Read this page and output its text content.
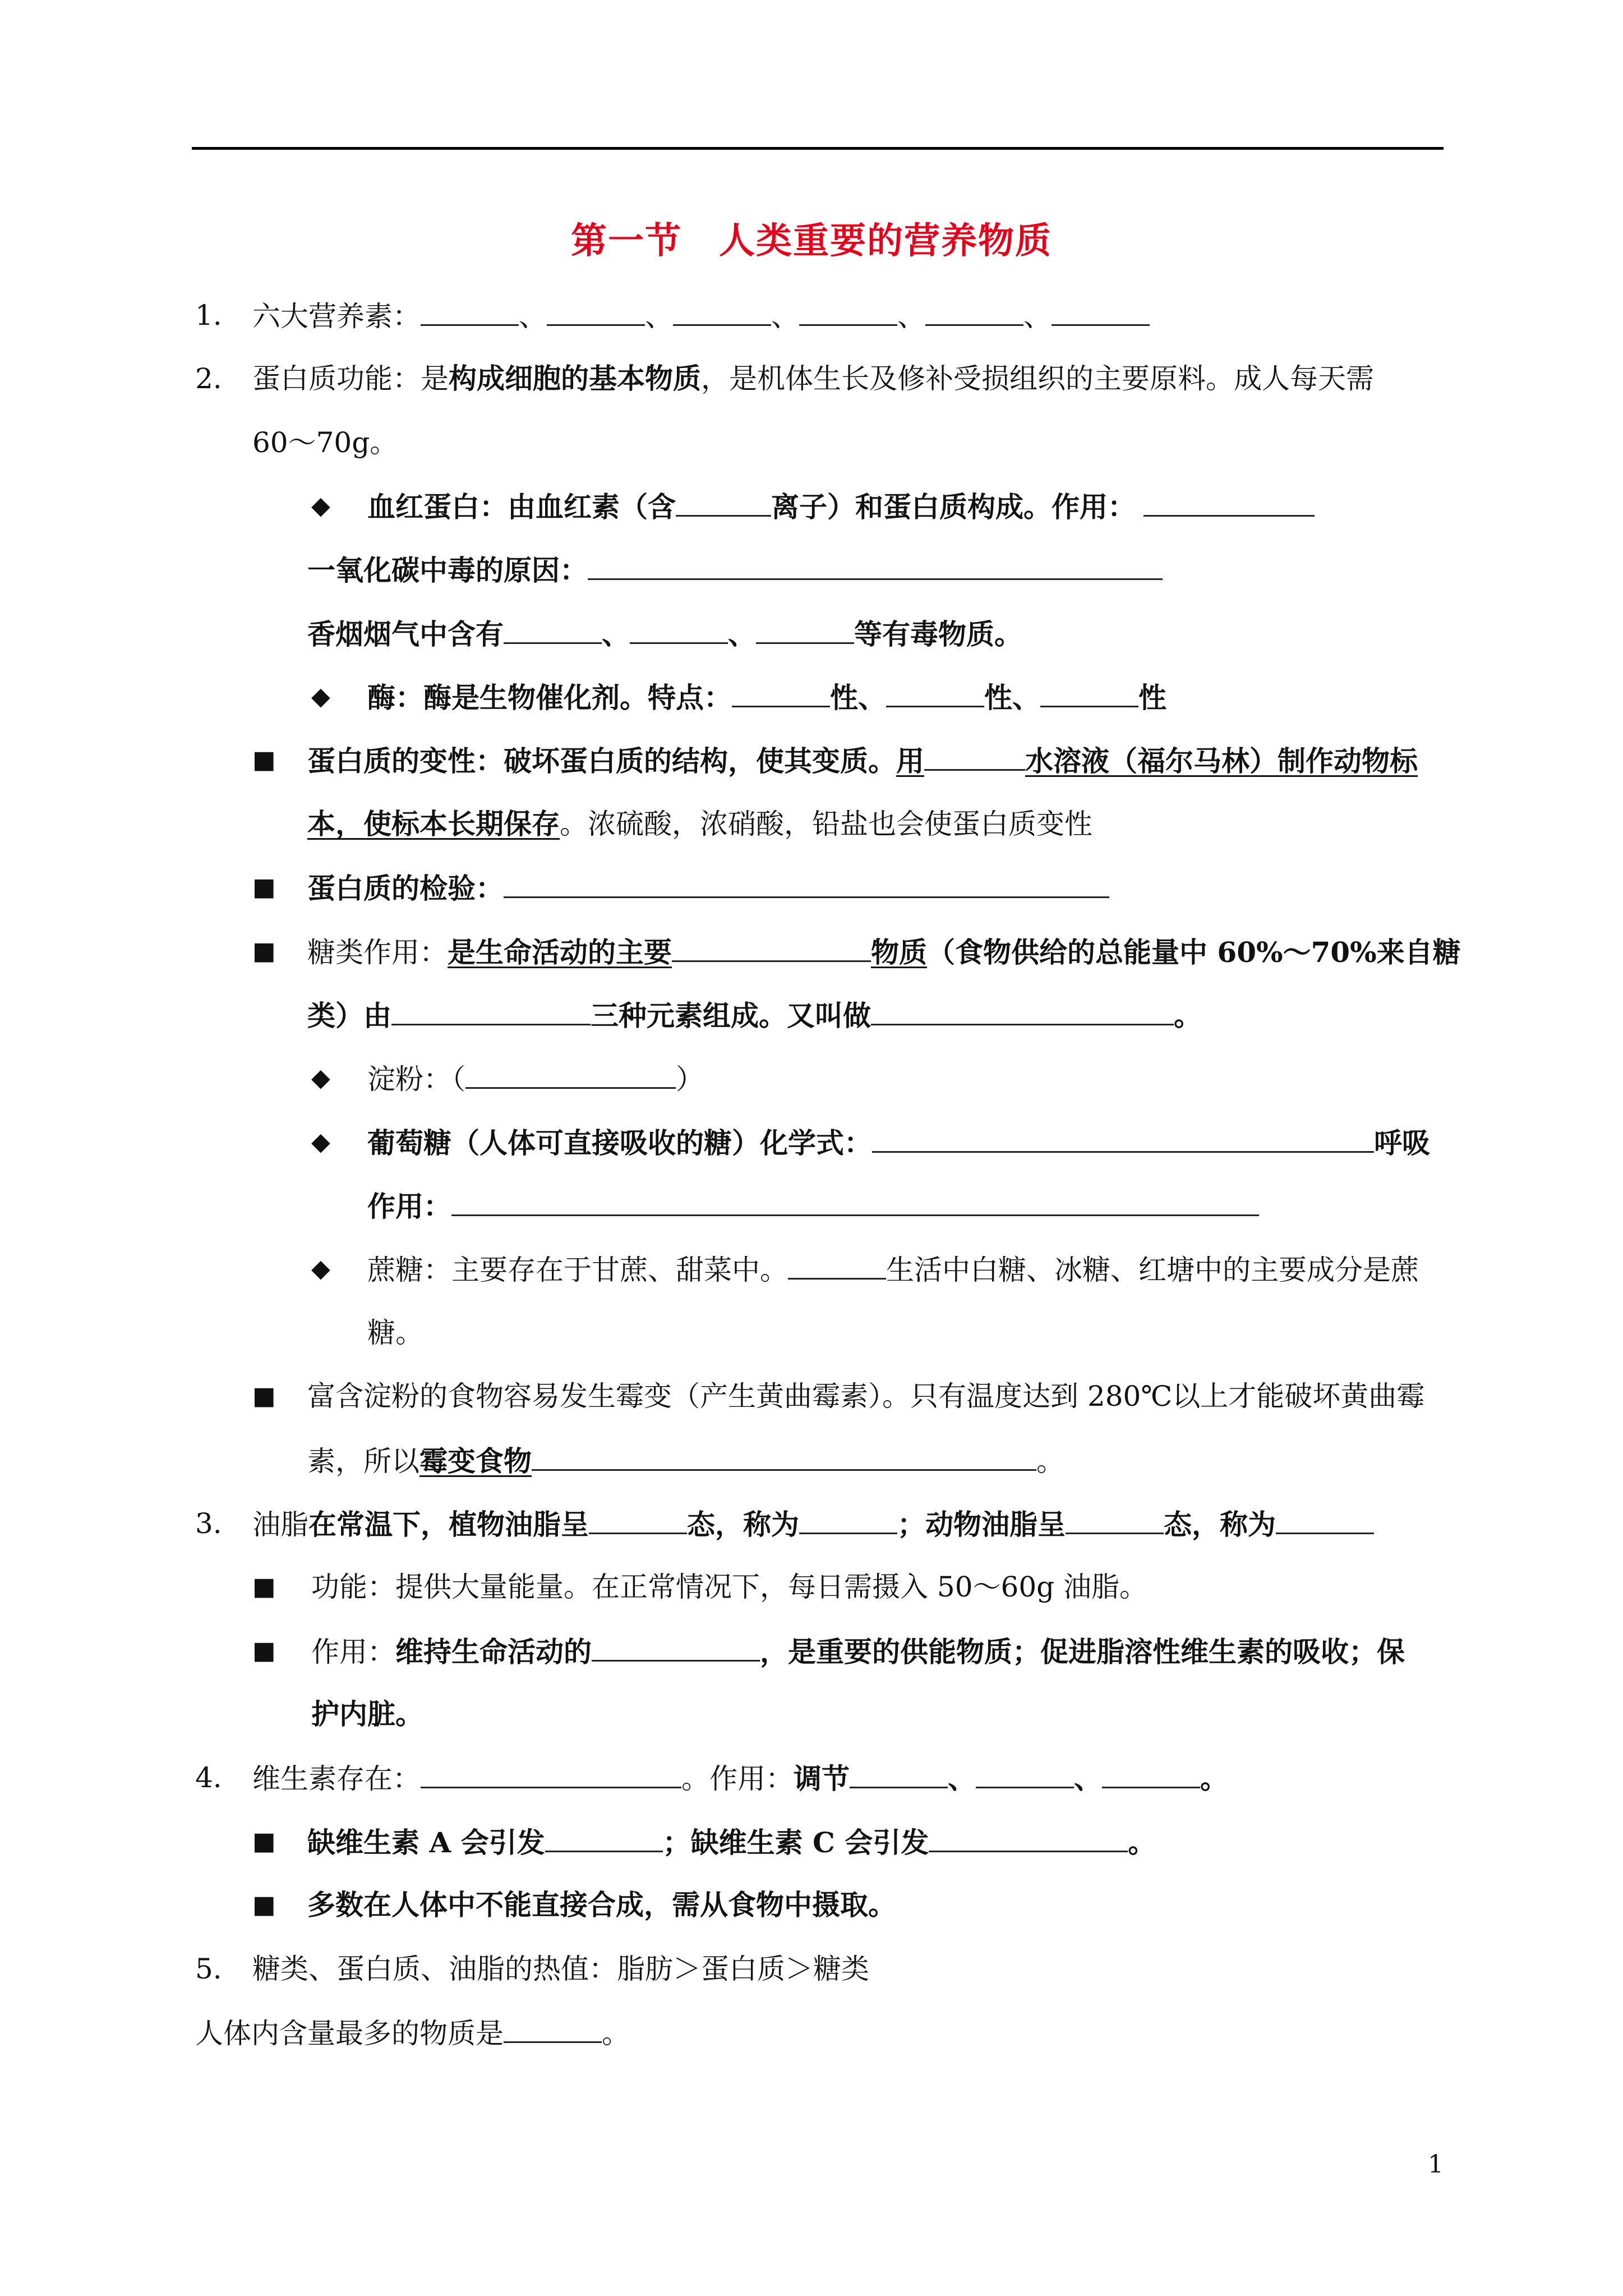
第一节　人类重要的营养物质
1. 六大营养素：	、	、	、	、	、
2. 蛋白质功能：是构成细胞的基本物质，是机体生长及修补受损组织的主要原料。成人每天需
60～70g。
◆ 血红蛋白：由血红素（含	离子）和蛋白质构成。作用：
一氧化碳中毒的原因：
香烟烟气中含有	、	、	等有毒物质。
◆ 酶：酶是生物催化剂。特点：	性、	性、	性
■ 蛋白质的变性：破坏蛋白质的结构，使其变质。用	水溶液（福尔马林）制作动物标
本，使标本长期保存。浓硫酸，浓硝酸，铅盐也会使蛋白质变性
■ 蛋白质的检验：
■ 糖类作用：是生命活动的主要	物质（食物供给的总能量中 60%～70%来自糖
类）由	三种元素组成。又叫做	。
◆ 淀粉：（	）
◆ 葡萄糖（人体可直接吸收的糖）化学式：	呼吸
作用：
◆ 蔗糖：主要存在于甘蔗、甜菜中。	生活中白糖、冰糖、红塘中的主要成分是蔗
糖。
■ 富含淀粉的食物容易发生霉变（产生黄曲霉素）。只有温度达到 280℃以上才能破坏黄曲霉
素，所以霉变食物	。
3. 油脂在常温下，植物油脂呈	态，称为	；动物油脂呈	态，称为
■ 功能：提供大量能量。在正常情况下，每日需摄入 50～60g 油脂。
■ 作用：维持生命活动的	，是重要的供能物质；促进脂溶性维生素的吸收；保
护内脏。
4. 维生素存在：	。作用：调节	、	、	。
■ 缺维生素 A 会引发	；缺维生素 C 会引发	。
■ 多数在人体中不能直接合成，需从食物中摄取。
5. 糖类、蛋白质、油脂的热值：脂肪＞蛋白质＞糖类
人体内含量最多的物质是	。
1
